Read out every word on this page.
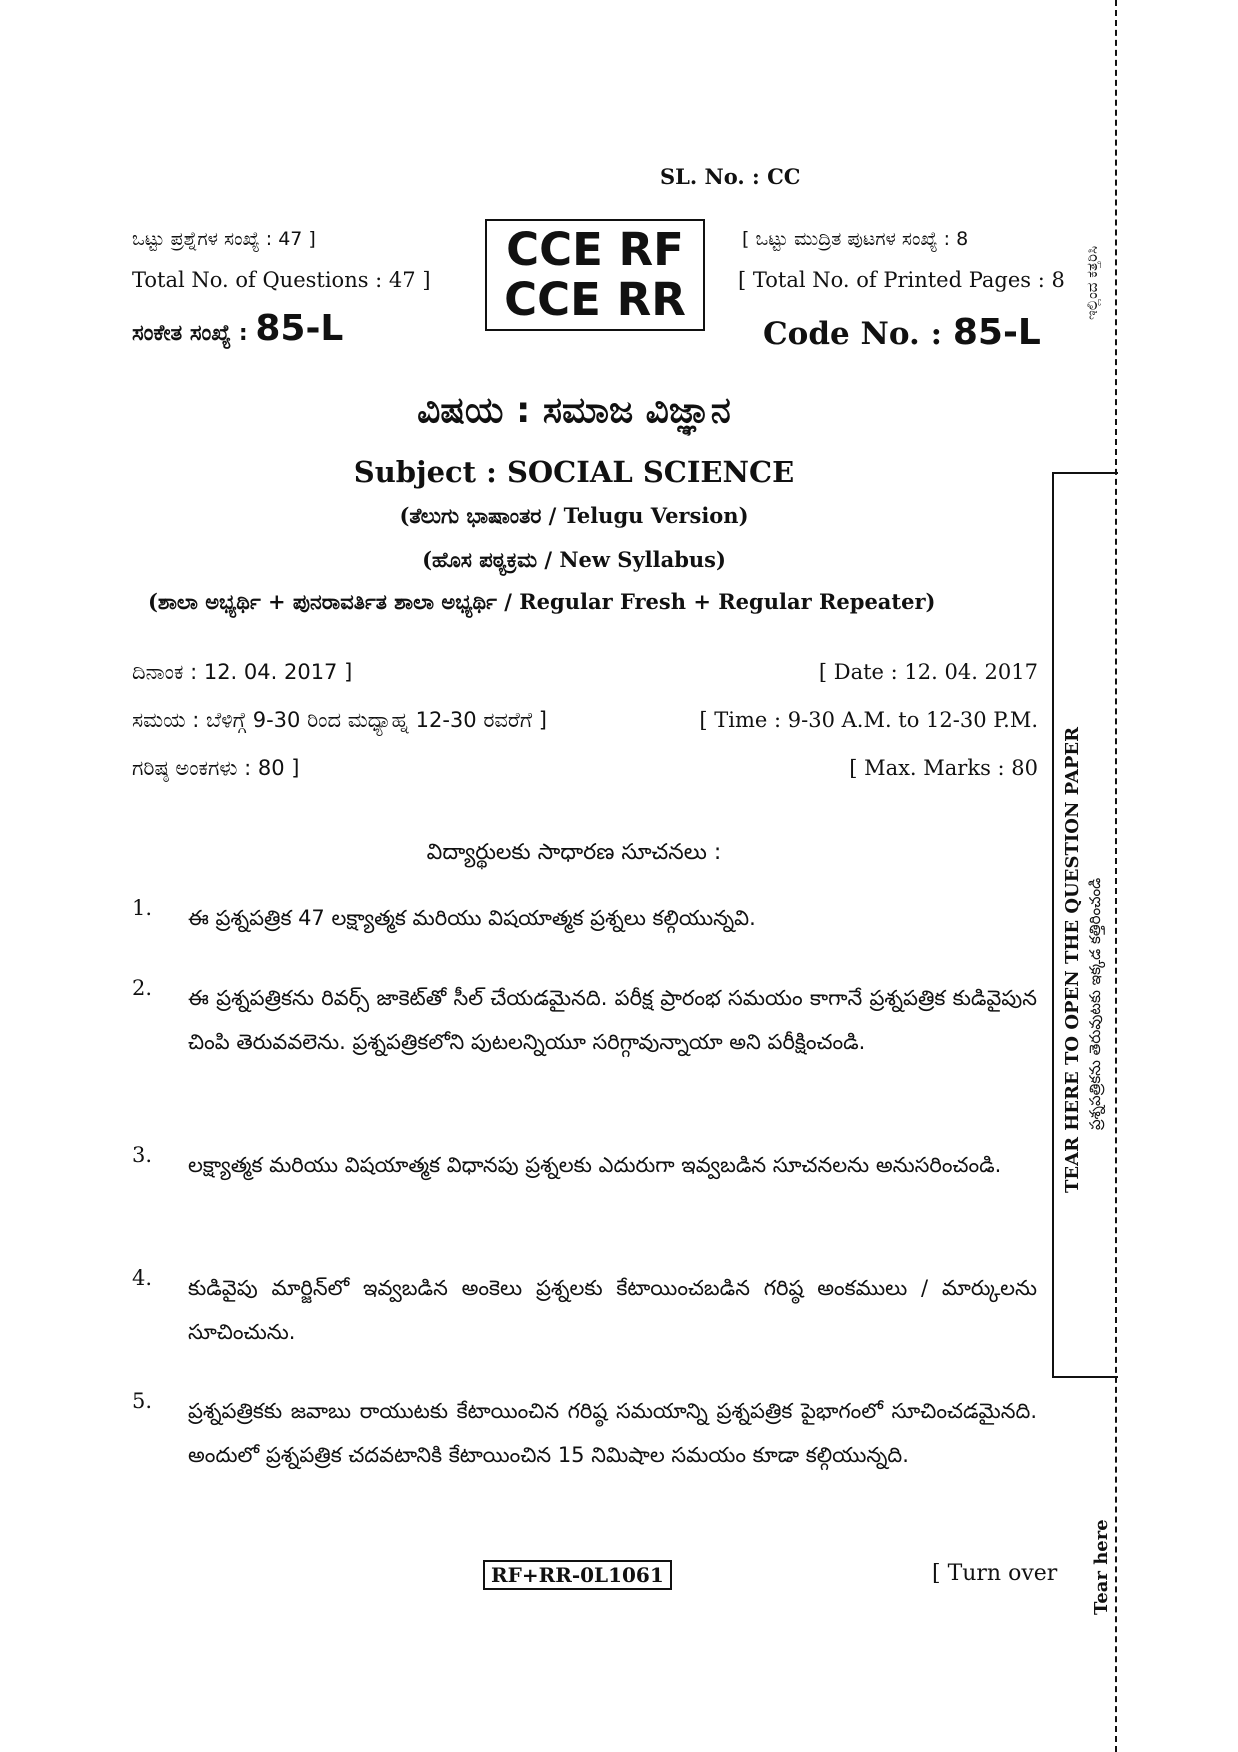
SL. No. : CC
ಒಟ್ಟು ಪ್ರಶ್ನೆಗಳ ಸಂಖ್ಯೆ : 47 ]
Total No. of Questions : 47 ]
CCE RF
CCE RR
[ ಒಟ್ಟು ಮುದ್ರಿತ ಪುಟಗಳ ಸಂಖ್ಯೆ : 8
[ Total No. of Printed Pages : 8
ಸಂಕೇತ ಸಂಖ್ಯೆ : 85-L	Code No. : 85-L
ವಿಷಯ : ಸಮಾಜ ವಿಜ್ಞಾನ
Subject : SOCIAL SCIENCE
(ತೆಲುಗು ಭಾಷಾಂತರ / Telugu Version)
(ಹೊಸ ಪಠ್ಯಕ್ರಮ / New Syllabus)
(ಶಾಲಾ ಅಭ್ಯರ್ಥಿ + ಪುನರಾವರ್ತಿತ ಶಾಲಾ ಅಭ್ಯರ್ಥಿ / Regular Fresh + Regular Repeater)
ದಿನಾಂಕ : 12. 04. 2017 ]	[ Date : 12. 04. 2017
ಸಮಯ : ಬೆಳಿಗ್ಗೆ 9-30 ರಿಂದ ಮಧ್ಯಾಹ್ನ 12-30 ರವರೆಗೆ ]	[ Time : 9-30 A.M. to 12-30 P.M.
ಗರಿಷ್ಠ ಅಂಕಗಳು : 80 ]	[ Max. Marks : 80
విద్యార్థులకు సాధారణ సూచనలు :
1. ఈ ప్రశ్నపత్రిక 47 లక్ష్యాత్మక మరియు విషయాత్మక ప్రశ్నలు కల్గియున్నవి.
2. ఈ ప్రశ్నపత్రికను రివర్స్ జాకెట్‌తో సీల్ చేయడమైనది. పరీక్ష ప్రారంభ సమయం కాగానే ప్రశ్నపత్రిక కుడివైపున చింపి తెరువవలెను. ప్రశ్నపత్రికలోని పుటలన్నియూ సరిగ్గావున్నాయా అని పరీక్షించండి.
3. లక్ష్యాత్మక మరియు విషయాత్మక విధానపు ప్రశ్నలకు ఎదురుగా ఇవ్వబడిన సూచనలను అనుసరించండి.
4. కుడివైపు మార్జిన్‌లో ఇవ్వబడిన అంకెలు ప్రశ్నలకు కేటాయించబడిన గరిష్ఠ అంకములు / మార్కులను సూచించును.
5. ప్రశ్నపత్రికకు జవాబు రాయుటకు కేటాయించిన గరిష్ఠ సమయాన్ని ప్రశ్నపత్రిక పైభాగంలో సూచించడమైనది. అందులో ప్రశ్నపత్రిక చదవటానికి కేటాయించిన 15 నిమిషాల సమయం కూడా కల్గియున్నది.
RF+RR-0L1061	[ Turn over
TEAR HERE TO OPEN THE QUESTION PAPER ప్రశ్నపత్రికను తెరువుటకు ఇక్కడ కత్తిరించండి
ಇಲ್ಲಿಂದ ಕತ್ತರಿಸಿ
Tear here
